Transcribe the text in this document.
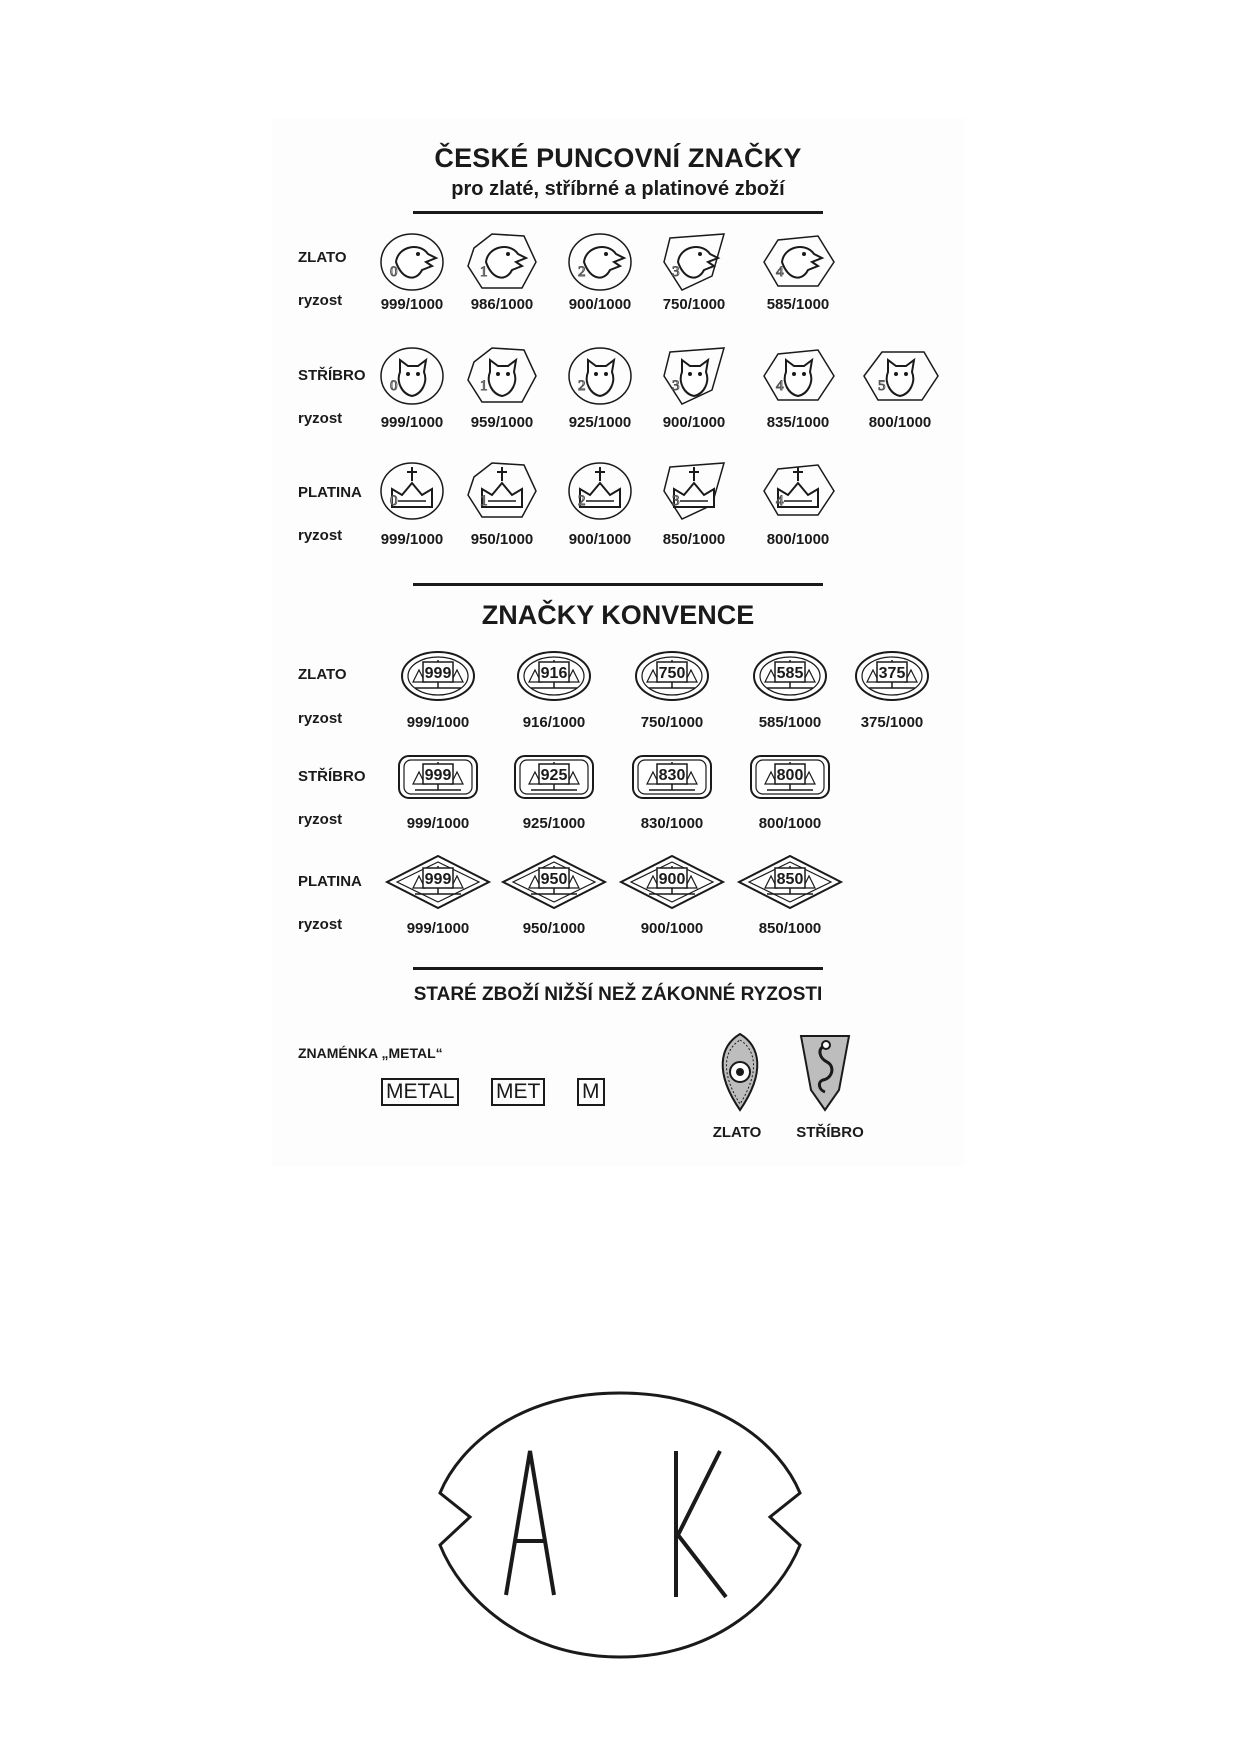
ČESKÉ PUNCOVNÍ ZNAČKY
pro zlaté, stříbrné a platinové zboží
ZLATO
ryzost
STŘÍBRO
ryzost
PLATINA
ryzost
0
999/1000
1
986/1000
2
900/1000
3
750/1000
4
585/1000
0
999/1000
1
959/1000
2
925/1000
3
900/1000
4
835/1000
5
800/1000
0
999/1000
1
950/1000
2
900/1000
3
850/1000
4
800/1000
ZNAČKY KONVENCE
ZLATO
ryzost
STŘÍBRO
ryzost
PLATINA
ryzost
999
999/1000
916
916/1000
750
750/1000
585
585/1000
375
375/1000
999
999/1000
925
925/1000
830
830/1000
800
800/1000
999
999/1000
950
950/1000
900
900/1000
850
850/1000
STARÉ ZBOŽÍ NIŽŠÍ NEŽ ZÁKONNÉ RYZOSTI
ZNAMÉNKA „METAL“
METAL MET M
ZLATO	STŘÍBRO
